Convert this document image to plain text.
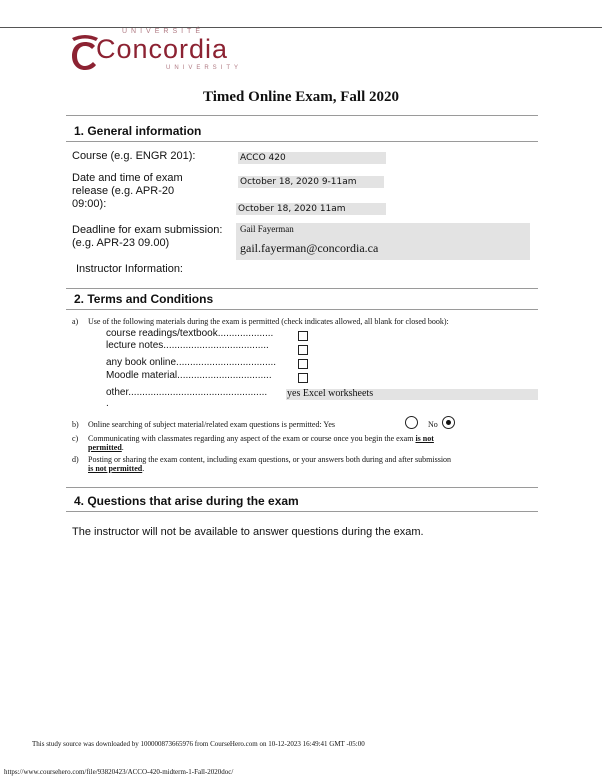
UNIVERSITÉ
Concordia
UNIVERSITY
Timed Online Exam, Fall 2020
1. General information
Course (e.g. ENGR 201):	ACCO 420
Date and time of exam
release (e.g. APR-20
09:00):
October 18, 2020 9-11am
October 18, 2020 11am
Deadline for exam submission:
(e.g. APR-23 09.00)
Gail Fayerman
gail.fayerman@concordia.ca
Instructor Information:
2. Terms and Conditions
a) Use of the following materials during the exam is permitted (check indicates allowed, all blank for closed book):
course readings/textbook....................
lecture notes......................................
any book online....................................
Moodle material..................................
other.................................................. yes Excel worksheets
.
b) Online searching of subject material/related exam questions is permitted: Yes	No
c) Communicating with classmates regarding any aspect of the exam or course once you begin the exam is not
permitted.
d) Posting or sharing the exam content, including exam questions, or your answers both during and after submission
is not permitted.
4. Questions that arise during the exam
The instructor will not be available to answer questions during the exam.
This study source was downloaded by 100000873665976 from CourseHero.com on 10-12-2023 16:49:41 GMT -05:00
https://www.coursehero.com/file/93820423/ACCO-420-midterm-1-Fall-2020doc/
